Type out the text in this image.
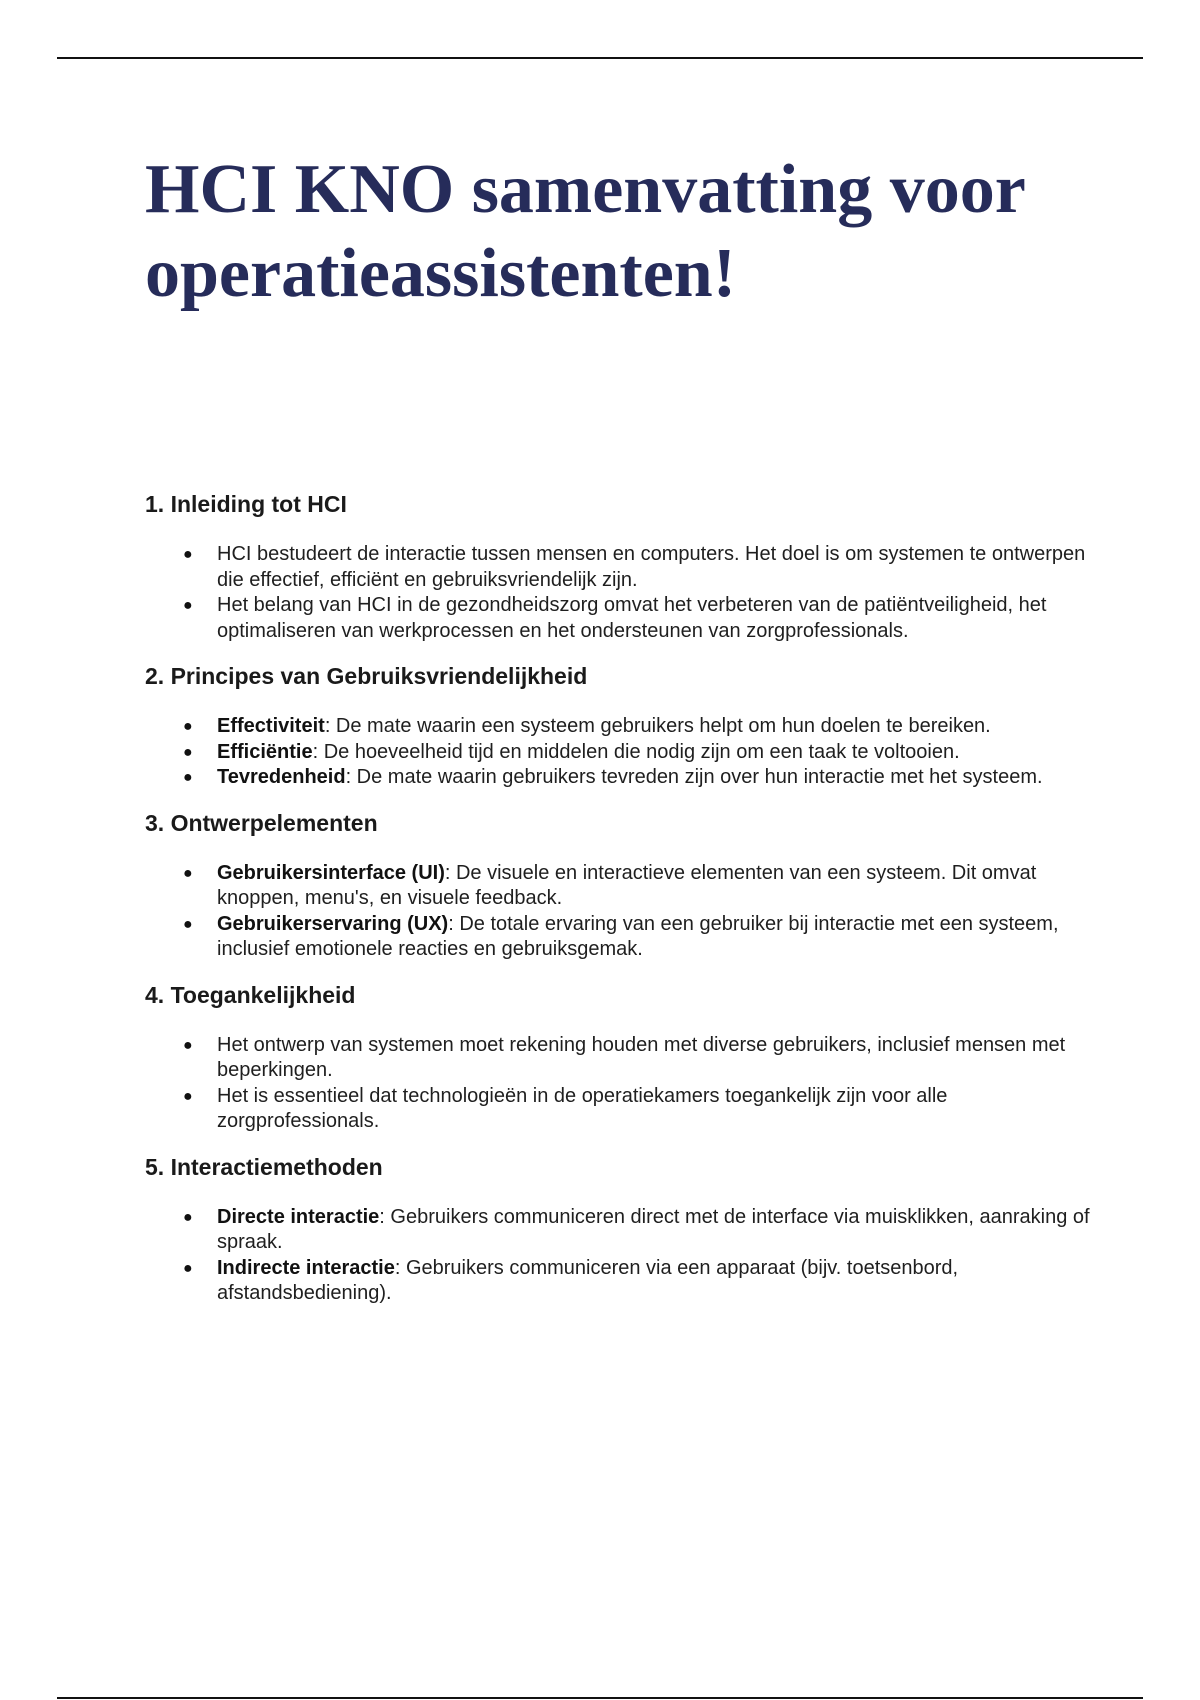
HCI KNO samenvatting voor operatieassistenten!
1. Inleiding tot HCI
● HCI bestudeert de interactie tussen mensen en computers. Het doel is om systemen te ontwerpen die effectief, efficiënt en gebruiksvriendelijk zijn.
● Het belang van HCI in de gezondheidszorg omvat het verbeteren van de patiëntveiligheid, het optimaliseren van werkprocessen en het ondersteunen van zorgprofessionals.
2. Principes van Gebruiksvriendelijkheid
● Effectiviteit: De mate waarin een systeem gebruikers helpt om hun doelen te bereiken.
● Efficiëntie: De hoeveelheid tijd en middelen die nodig zijn om een taak te voltooien.
● Tevredenheid: De mate waarin gebruikers tevreden zijn over hun interactie met het systeem.
3. Ontwerpelementen
● Gebruikersinterface (UI): De visuele en interactieve elementen van een systeem. Dit omvat knoppen, menu's, en visuele feedback.
● Gebruikerservaring (UX): De totale ervaring van een gebruiker bij interactie met een systeem, inclusief emotionele reacties en gebruiksgemak.
4. Toegankelijkheid
● Het ontwerp van systemen moet rekening houden met diverse gebruikers, inclusief mensen met beperkingen.
● Het is essentieel dat technologieën in de operatiekamers toegankelijk zijn voor alle zorgprofessionals.
5. Interactiemethoden
● Directe interactie: Gebruikers communiceren direct met de interface via muisklikken, aanraking of spraak.
● Indirecte interactie: Gebruikers communiceren via een apparaat (bijv. toetsenbord, afstandsbediening).
